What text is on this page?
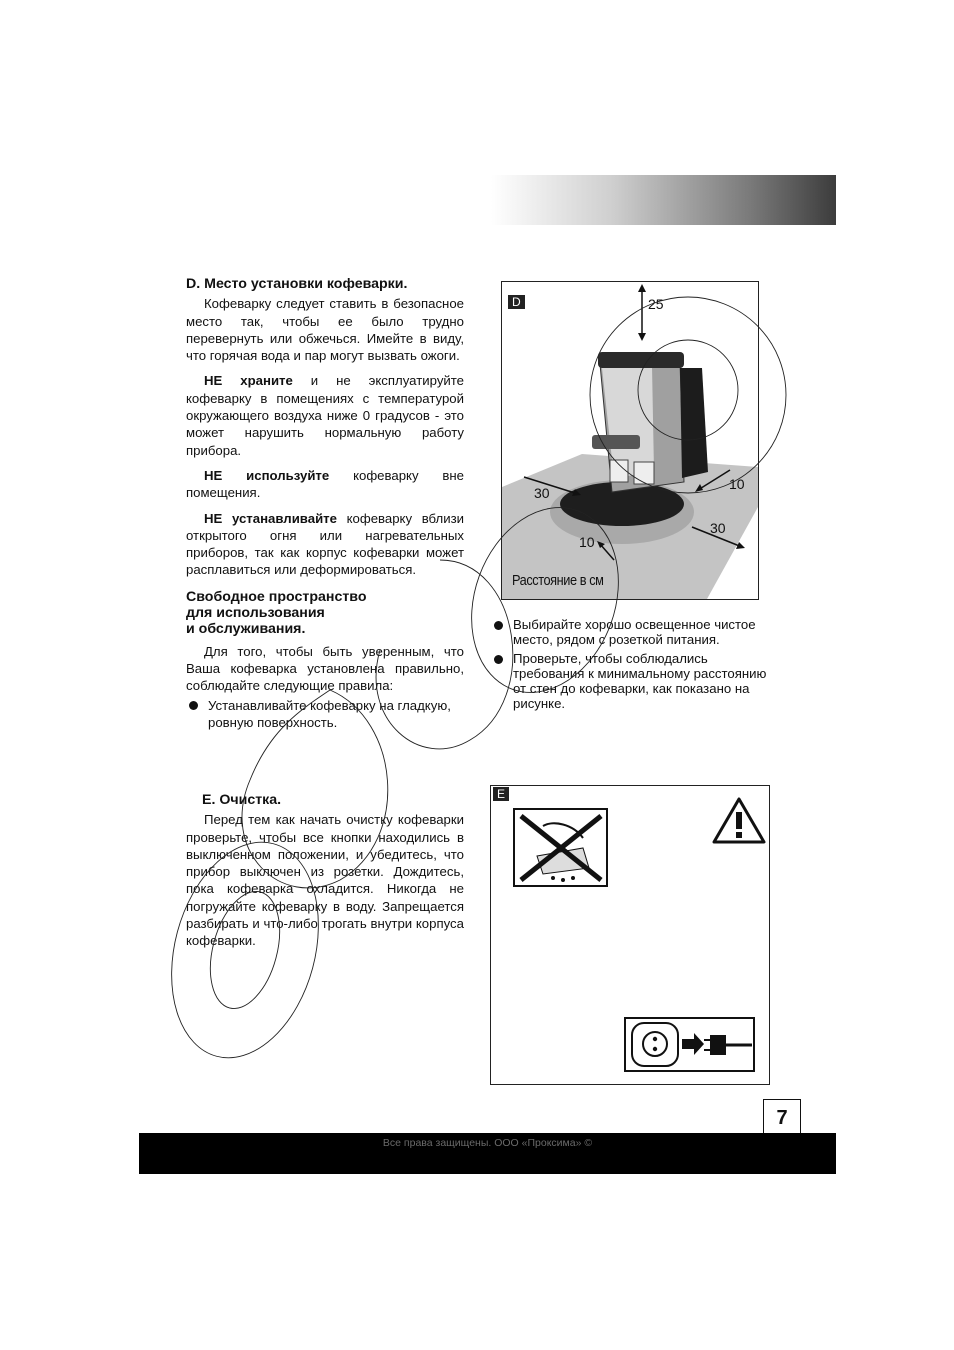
D. Место установки кофеварки.

Кофеварку следует ставить в безопасное место так, чтобы ее было трудно перевернуть или обжечься. Имейте в виду, что горячая вода и пар могут вызвать ожоги.

НЕ храните и не эксплуатируйте кофеварку в помещениях с температурой окружающего воздуха ниже 0 градусов - это может нарушить нормальную работу прибора.

НЕ используйте кофеварку вне помещения.

НЕ устанавливайте кофеварку вблизи открытого огня или нагревательных приборов, так как корпус кофеварки может расплавиться или деформироваться.

Свободное пространство
для использования
и обслуживания.

Для того, чтобы быть уверенным, что Ваша кофеварка установлена правильно, соблюдайте следующие правила:

Устанавливайте кофеварку на гладкую, ровную поверхность.
D	25
30
10
30
10
Расстояние в см
Выбирайте хорошо освещенное чистое место, рядом с розеткой питания.
Проверьте, чтобы соблюдались требования к минимальному расстоянию от стен до кофеварки, как показано на рисунке.
E. Очистка.

Перед тем как начать очистку кофеварки проверьте, чтобы все кнопки находились в выключенном положении, и убедитесь, что прибор выключен из розетки. Дождитесь, пока кофеварка охладится. Никогда не погружайте кофеварку в воду. Запрещается разбирать и что-либо трогать внутри корпуса кофеварки.

E
7
Все права защищены. ООО «Проксима» ©
